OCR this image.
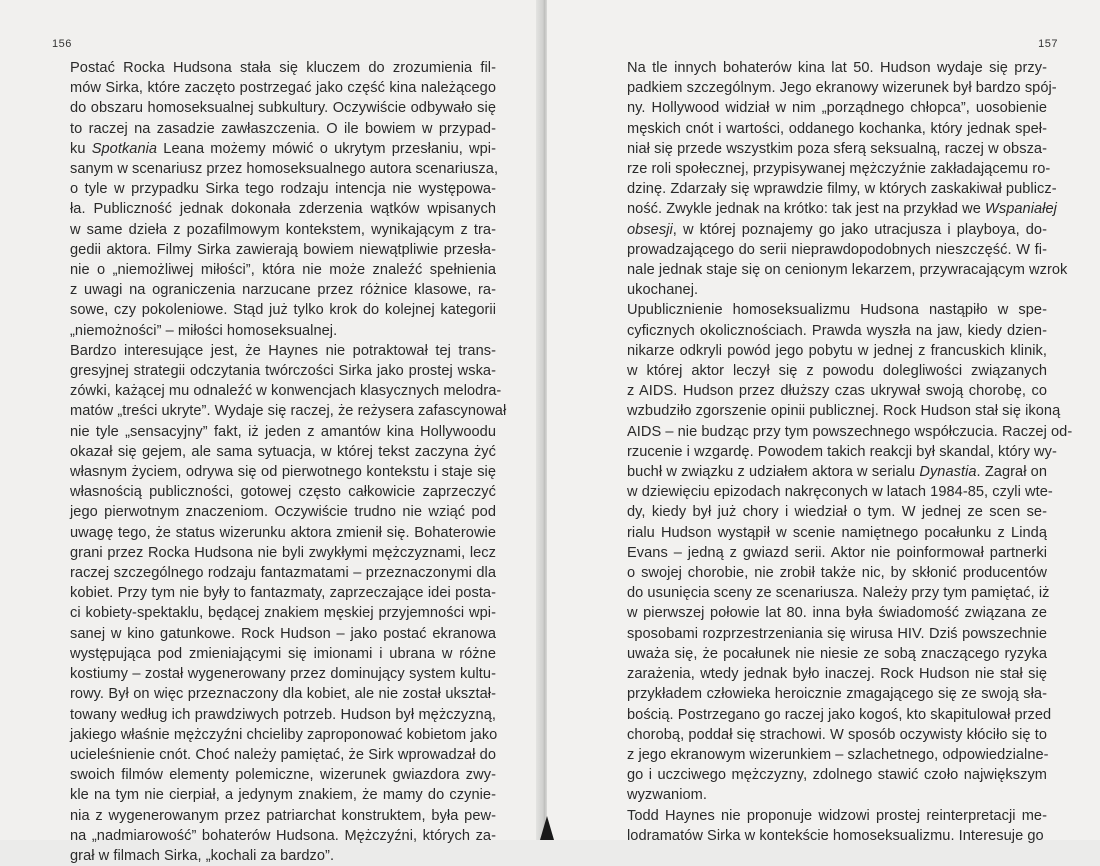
156

Postać Rocka Hudsona stała się kluczem do zrozumienia fil-
mów Sirka, które zaczęto postrzegać jako część kina należącego
do obszaru homoseksualnej subkultury. Oczywiście odbywało się
to raczej na zasadzie zawłaszczenia. O ile bowiem w przypad-
ku Spotkania Leana możemy mówić o ukrytym przesłaniu, wpi-
sanym w scenariusz przez homoseksualnego autora scenariusza,
o tyle w przypadku Sirka tego rodzaju intencja nie występowa-
ła. Publiczność jednak dokonała zderzenia wątków wpisanych
w same dzieła z pozafilmowym kontekstem, wynikającym z tra-
gedii aktora. Filmy Sirka zawierają bowiem niewątpliwie przesła-
nie o „niemożliwej miłości”, która nie może znaleźć spełnienia
z uwagi na ograniczenia narzucane przez różnice klasowe, ra-
sowe, czy pokoleniowe. Stąd już tylko krok do kolejnej kategorii
„niemożności” – miłości homoseksualnej.

Bardzo interesujące jest, że Haynes nie potraktował tej trans-
gresyjnej strategii odczytania twórczości Sirka jako prostej wska-
zówki, każącej mu odnaleźć w konwencjach klasycznych melodra-
matów „treści ukryte”. Wydaje się raczej, że reżysera zafascynował
nie tyle „sensacyjny” fakt, iż jeden z amantów kina Hollywoodu
okazał się gejem, ale sama sytuacja, w której tekst zaczyna żyć
własnym życiem, odrywa się od pierwotnego kontekstu i staje się
własnością publiczności, gotowej często całkowicie zaprzeczyć
jego pierwotnym znaczeniom. Oczywiście trudno nie wziąć pod
uwagę tego, że status wizerunku aktora zmienił się. Bohaterowie
grani przez Rocka Hudsona nie byli zwykłymi mężczyznami, lecz
raczej szczególnego rodzaju fantazmatami – przeznaczonymi dla
kobiet. Przy tym nie były to fantazmaty, zaprzeczające idei posta-
ci kobiety-spektaklu, będącej znakiem męskiej przyjemności wpi-
sanej w kino gatunkowe. Rock Hudson – jako postać ekranowa
występująca pod zmieniającymi się imionami i ubrana w różne
kostiumy – został wygenerowany przez dominujący system kultu-
rowy. Był on więc przeznaczony dla kobiet, ale nie został ukształ-
towany według ich prawdziwych potrzeb. Hudson był mężczyzną,
jakiego właśnie mężczyźni chcieliby zaproponować kobietom jako
ucieleśnienie cnót. Choć należy pamiętać, że Sirk wprowadzał do
swoich filmów elementy polemiczne, wizerunek gwiazdora zwy-
kle na tym nie cierpiał, a jedynym znakiem, że mamy do czynie-
nia z wygenerowanym przez patriarchat konstruktem, była pew-
na „nadmiarowość” bohaterów Hudsona. Mężczyźni, których za-
grał w filmach Sirka, „kochali za bardzo”.

157

Na tle innych bohaterów kina lat 50. Hudson wydaje się przy-
padkiem szczególnym. Jego ekranowy wizerunek był bardzo spój-
ny. Hollywood widział w nim „porządnego chłopca”, uosobienie
męskich cnót i wartości, oddanego kochanka, który jednak speł-
niał się przede wszystkim poza sferą seksualną, raczej w obsza-
rze roli społecznej, przypisywanej mężczyźnie zakładającemu ro-
dzinę. Zdarzały się wprawdzie filmy, w których zaskakiwał publicz-
ność. Zwykle jednak na krótko: tak jest na przykład we Wspaniałej
obsesji, w której poznajemy go jako utracjusza i playboya, do-
prowadzającego do serii nieprawdopodobnych nieszczęść. W fi-
nale jednak staje się on cenionym lekarzem, przywracającym wzrok
ukochanej.

Upublicznienie homoseksualizmu Hudsona nastąpiło w spe-
cyficznych okolicznościach. Prawda wyszła na jaw, kiedy dzien-
nikarze odkryli powód jego pobytu w jednej z francuskich klinik,
w której aktor leczył się z powodu dolegliwości związanych
z AIDS. Hudson przez dłuższy czas ukrywał swoją chorobę, co
wzbudziło zgorszenie opinii publicznej. Rock Hudson stał się ikoną
AIDS – nie budząc przy tym powszechnego współczucia. Raczej od-
rzucenie i wzgardę. Powodem takich reakcji był skandal, który wy-
buchł w związku z udziałem aktora w serialu Dynastia. Zagrał on
w dziewięciu epizodach nakręconych w latach 1984-85, czyli wte-
dy, kiedy był już chory i wiedział o tym. W jednej ze scen se-
rialu Hudson wystąpił w scenie namiętnego pocałunku z Lindą
Evans – jedną z gwiazd serii. Aktor nie poinformował partnerki
o swojej chorobie, nie zrobił także nic, by skłonić producentów
do usunięcia sceny ze scenariusza. Należy przy tym pamiętać, iż
w pierwszej połowie lat 80. inna była świadomość związana ze
sposobami rozprzestrzeniania się wirusa HIV. Dziś powszechnie
uważa się, że pocałunek nie niesie ze sobą znaczącego ryzyka
zarażenia, wtedy jednak było inaczej. Rock Hudson nie stał się
przykładem człowieka heroicznie zmagającego się ze swoją sła-
bością. Postrzegano go raczej jako kogoś, kto skapitulował przed
chorobą, poddał się strachowi. W sposób oczywisty kłóciło się to
z jego ekranowym wizerunkiem – szlachetnego, odpowiedzialne-
go i uczciwego mężczyzny, zdolnego stawić czoło największym
wyzwaniom.

Todd Haynes nie proponuje widzowi prostej reinterpretacji me-
lodramatów Sirka w kontekście homoseksualizmu. Interesuje go
